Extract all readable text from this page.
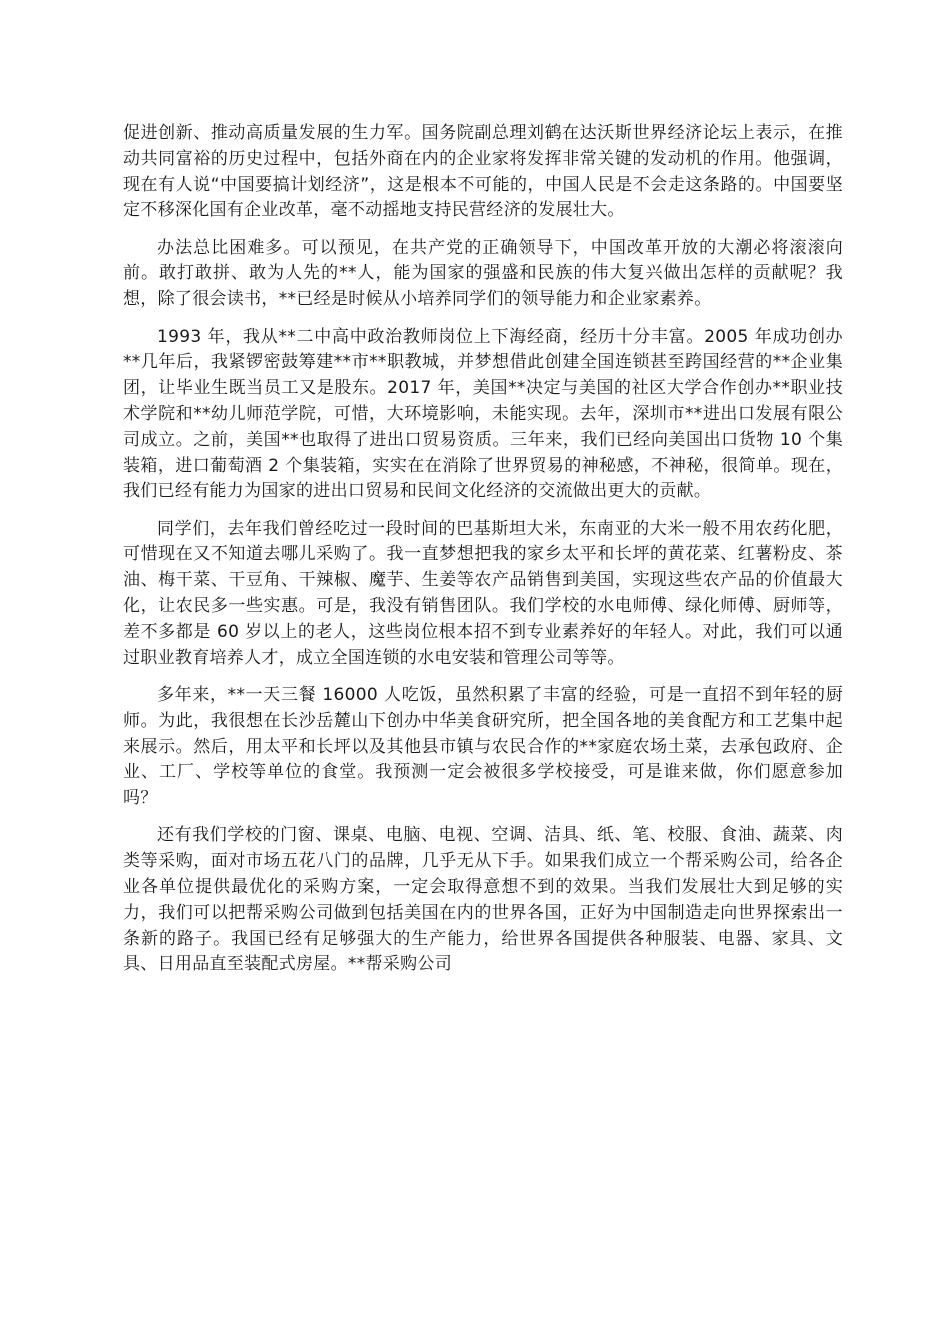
促进创新、推动高质量发展的生力军。国务院副总理刘鹤在达沃斯世界经济论坛上表示，在推动共同富裕的历史过程中，包括外商在内的企业家将发挥非常关键的发动机的作用。他强调，现在有人说“中国要搞计划经济”，这是根本不可能的，中国人民是不会走这条路的。中国要坚定不移深化国有企业改革，毫不动摇地支持民营经济的发展壮大。

办法总比困难多。可以预见，在共产党的正确领导下，中国改革开放的大潮必将滚滚向前。敢打敢拼、敢为人先的**人，能为国家的强盛和民族的伟大复兴做出怎样的贡献呢？我想，除了很会读书，**已经是时候从小培养同学们的领导能力和企业家素养。

1993 年，我从**二中高中政治教师岗位上下海经商，经历十分丰富。2005 年成功创办**几年后，我紧锣密鼓筹建**市**职教城，并梦想借此创建全国连锁甚至跨国经营的**企业集团，让毕业生既当员工又是股东。2017 年，美国**决定与美国的社区大学合作创办**职业技术学院和**幼儿师范学院，可惜，大环境影响，未能实现。去年，深圳市**进出口发展有限公司成立。之前，美国**也取得了进出口贸易资质。三年来，我们已经向美国出口货物 10 个集装箱，进口葡萄酒 2 个集装箱，实实在在消除了世界贸易的神秘感，不神秘，很简单。现在，我们已经有能力为国家的进出口贸易和民间文化经济的交流做出更大的贡献。

同学们，去年我们曾经吃过一段时间的巴基斯坦大米，东南亚的大米一般不用农药化肥，可惜现在又不知道去哪儿采购了。我一直梦想把我的家乡太平和长坪的黄花菜、红薯粉皮、茶油、梅干菜、干豆角、干辣椒、魔芋、生姜等农产品销售到美国，实现这些农产品的价值最大化，让农民多一些实惠。可是，我没有销售团队。我们学校的水电师傅、绿化师傅、厨师等，差不多都是 60 岁以上的老人，这些岗位根本招不到专业素养好的年轻人。对此，我们可以通过职业教育培养人才，成立全国连锁的水电安装和管理公司等等。

多年来，**一天三餐 16000 人吃饭，虽然积累了丰富的经验，可是一直招不到年轻的厨师。为此，我很想在长沙岳麓山下创办中华美食研究所，把全国各地的美食配方和工艺集中起来展示。然后，用太平和长坪以及其他县市镇与农民合作的**家庭农场土菜，去承包政府、企业、工厂、学校等单位的食堂。我预测一定会被很多学校接受，可是谁来做，你们愿意参加吗？

还有我们学校的门窗、课桌、电脑、电视、空调、洁具、纸、笔、校服、食油、蔬菜、肉类等采购，面对市场五花八门的品牌，几乎无从下手。如果我们成立一个帮采购公司，给各企业各单位提供最优化的采购方案，一定会取得意想不到的效果。当我们发展壮大到足够的实力，我们可以把帮采购公司做到包括美国在内的世界各国，正好为中国制造走向世界探索出一条新的路子。我国已经有足够强大的生产能力，给世界各国提供各种服装、电器、家具、文具、日用品直至装配式房屋。**帮采购公司
